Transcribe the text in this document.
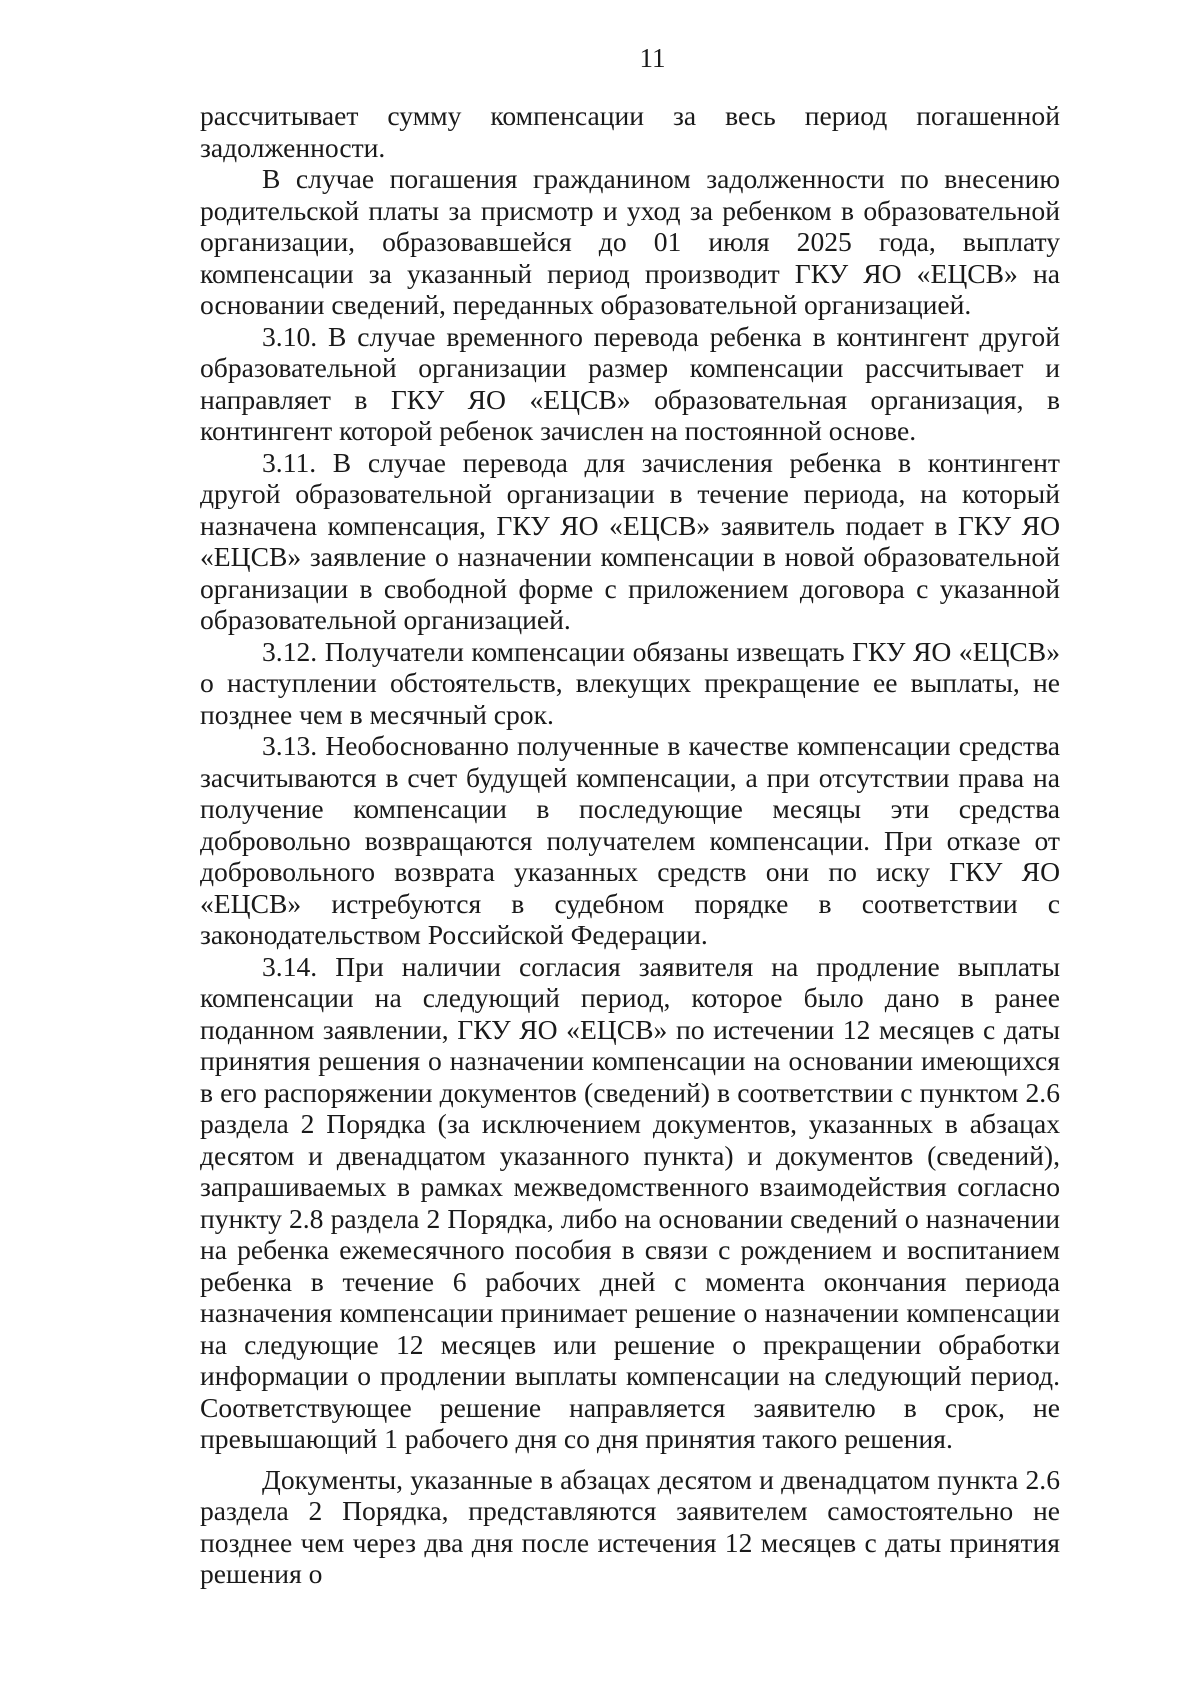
11

рассчитывает сумму компенсации за весь период погашенной задолженности.

В случае погашения гражданином задолженности по внесению родительской платы за присмотр и уход за ребенком в образовательной организации, образовавшейся до 01 июля 2025 года, выплату компенсации за указанный период производит ГКУ ЯО «ЕЦСВ» на основании сведений, переданных образовательной организацией.

3.10. В случае временного перевода ребенка в контингент другой образовательной организации размер компенсации рассчитывает и направляет в ГКУ ЯО «ЕЦСВ» образовательная организация, в контингент которой ребенок зачислен на постоянной основе.

3.11. В случае перевода для зачисления ребенка в контингент другой образовательной организации в течение периода, на который назначена компенсация, ГКУ ЯО «ЕЦСВ» заявитель подает в ГКУ ЯО «ЕЦСВ» заявление о назначении компенсации в новой образовательной организации в свободной форме с приложением договора с указанной образовательной организацией.

3.12. Получатели компенсации обязаны извещать ГКУ ЯО «ЕЦСВ» о наступлении обстоятельств, влекущих прекращение ее выплаты, не позднее чем в месячный срок.

3.13. Необоснованно полученные в качестве компенсации средства засчитываются в счет будущей компенсации, а при отсутствии права на получение компенсации в последующие месяцы эти средства добровольно возвращаются получателем компенсации. При отказе от добровольного возврата указанных средств они по иску ГКУ ЯО «ЕЦСВ» истребуются в судебном порядке в соответствии с законодательством Российской Федерации.

3.14. При наличии согласия заявителя на продление выплаты компенсации на следующий период, которое было дано в ранее поданном заявлении, ГКУ ЯО «ЕЦСВ» по истечении 12 месяцев с даты принятия решения о назначении компенсации на основании имеющихся в его распоряжении документов (сведений) в соответствии с пунктом 2.6 раздела 2 Порядка (за исключением документов, указанных в абзацах десятом и двенадцатом указанного пункта) и документов (сведений), запрашиваемых в рамках межведомственного взаимодействия согласно пункту 2.8 раздела 2 Порядка, либо на основании сведений о назначении на ребенка ежемесячного пособия в связи с рождением и воспитанием ребенка в течение 6 рабочих дней с момента окончания периода назначения компенсации принимает решение о назначении компенсации на следующие 12 месяцев или решение о прекращении обработки информации о продлении выплаты компенсации на следующий период. Соответствующее решение направляется заявителю в срок, не превышающий 1 рабочего дня со дня принятия такого решения.

Документы, указанные в абзацах десятом и двенадцатом пункта 2.6 раздела 2 Порядка, представляются заявителем самостоятельно не позднее чем через два дня после истечения 12 месяцев с даты принятия решения о
